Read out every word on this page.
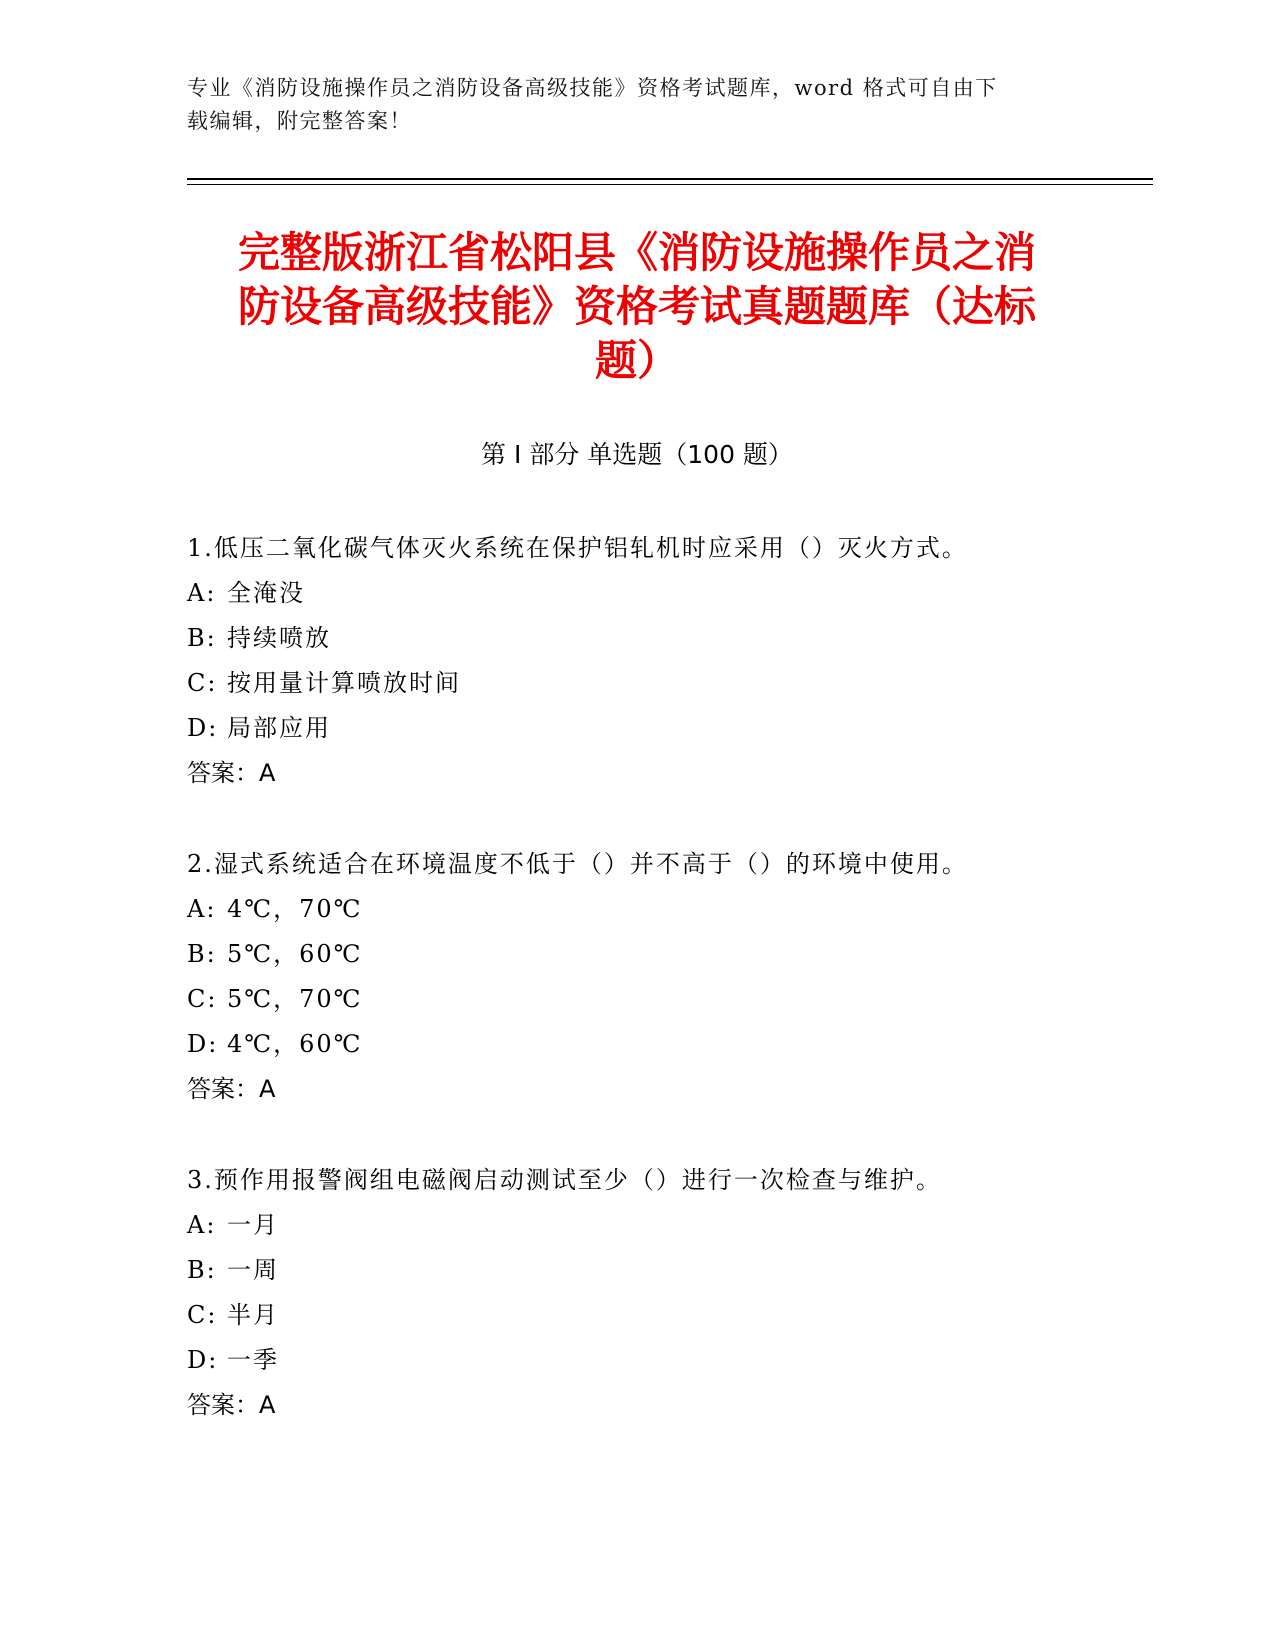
专业《消防设施操作员之消防设备高级技能》资格考试题库，word 格式可自由下
载编辑，附完整答案！
完整版浙江省松阳县《消防设施操作员之消
防设备高级技能》资格考试真题题库（达标
题）
第 I 部分 单选题（100 题）
1.低压二氧化碳气体灭火系统在保护铝轧机时应采用（）灭火方式。
A: 全淹没
B: 持续喷放
C: 按用量计算喷放时间
D: 局部应用
答案：A
2.湿式系统适合在环境温度不低于（）并不高于（）的环境中使用。
A: 4℃，70℃
B: 5℃，60℃
C: 5℃，70℃
D: 4℃，60℃
答案：A
3.预作用报警阀组电磁阀启动测试至少（）进行一次检查与维护。
A: 一月
B: 一周
C: 半月
D: 一季
答案：A
